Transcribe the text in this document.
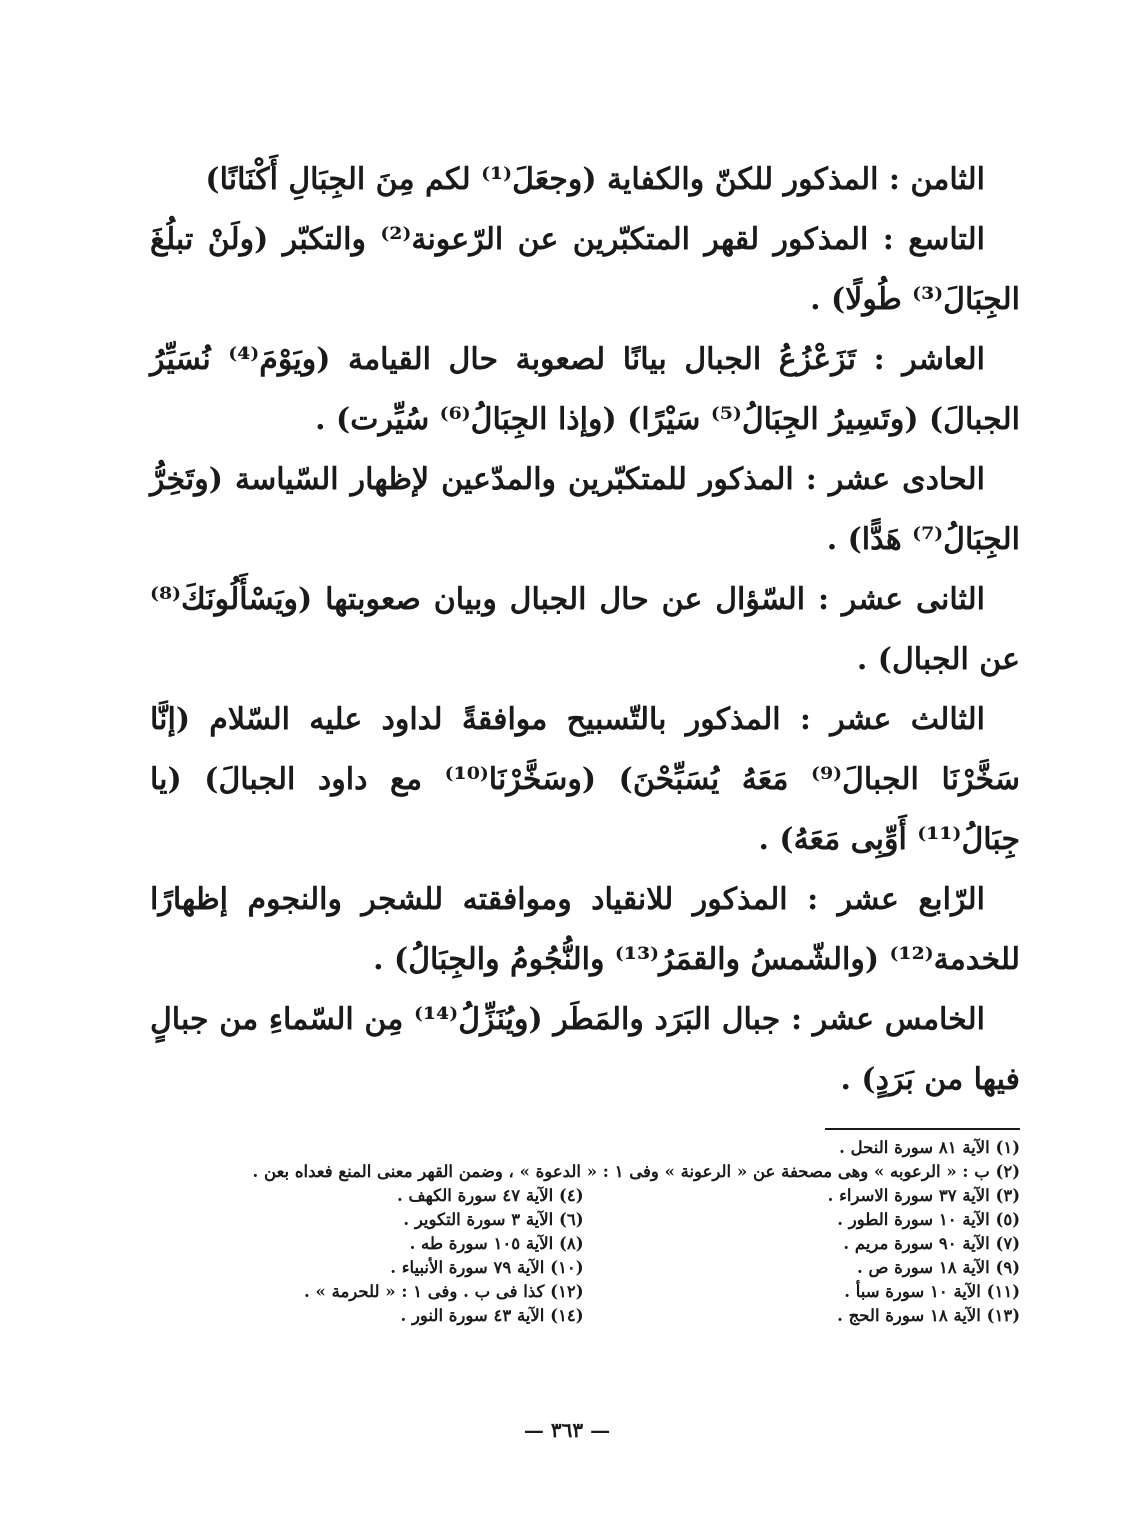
الثامن : المذكور للكنّ والكفاية (وجعَلَ⁽¹⁾ لكم مِنَ الجِبَالِ أَكْنَانًا)

التاسع : المذكور لقهر المتكبّرين عن الرّعونة⁽²⁾ والتكبّر (ولَنْ تبلُغَ الجِبَالَ⁽³⁾ طُولًا) .

العاشر : تَزَعْزُعُ الجبال بيانًا لصعوبة حال القيامة (ويَوْمَ⁽⁴⁾ نُسَيِّرُ الجبالَ) (وتَسِيرُ الجِبَالُ⁽⁵⁾ سَيْرًا) (وإذا الجِبَالُ⁽⁶⁾ سُيِّرت) .

الحادى عشر : المذكور للمتكبّرين والمدّعين لإظهار السّياسة (وتَخِرُّ الجِبَالُ⁽⁷⁾ هَدًّا) .

الثانى عشر : السّؤال عن حال الجبال وبيان صعوبتها (ويَسْأَلُونَكَ⁽⁸⁾ عن الجبال) .

الثالث عشر : المذكور بالتّسبيح موافقةً لداود عليه السّلام (إنَّا سَخَّرْنَا الجبالَ⁽⁹⁾ مَعَهُ يُسَبِّحْنَ) (وسَخَّرْنَا⁽¹⁰⁾ مع داود الجبالَ) (يا جِبَالُ⁽¹¹⁾ أَوِّبِى مَعَهُ) .

الرّابع عشر : المذكور للانقياد وموافقته للشجر والنجوم إظهارًا للخدمة⁽¹²⁾ (والشّمسُ والقمَرُ⁽¹³⁾ والنُّجُومُ والجِبَالُ) .

الخامس عشر : جبال البَرَد والمَطَر (ويُنَزِّلُ⁽¹⁴⁾ مِن السّماءِ من جبالٍ فيها من بَرَدٍ) .

(١) الآية ٨١ سورة النحل .

(٢) ب : « الرعوبه » وهى مصحفة عن « الرعونة » وفى ١ : « الدعوة » ، وضمن القهر معنى المنع فعداه بعن .

(٣) الآية ٣٧ سورة الاسراء .

(٤) الآية ٤٧ سورة الكهف .

(٥) الآية ١٠ سورة الطور .

(٦) الآية ٣ سورة التكوير .

(٧) الآية ٩٠ سورة مريم .

(٨) الآية ١٠٥ سورة طه .

(٩) الآية ١٨ سورة ص .

(١٠) الآية ٧٩ سورة الأنبياء .

(١١) الآية ١٠ سورة سبأ .

(١٢) كذا فى ب . وفى ١ : « للحرمة » .

(١٣) الآية ١٨ سورة الحج .

(١٤) الآية ٤٣ سورة النور .

— ٣٦٣ —
